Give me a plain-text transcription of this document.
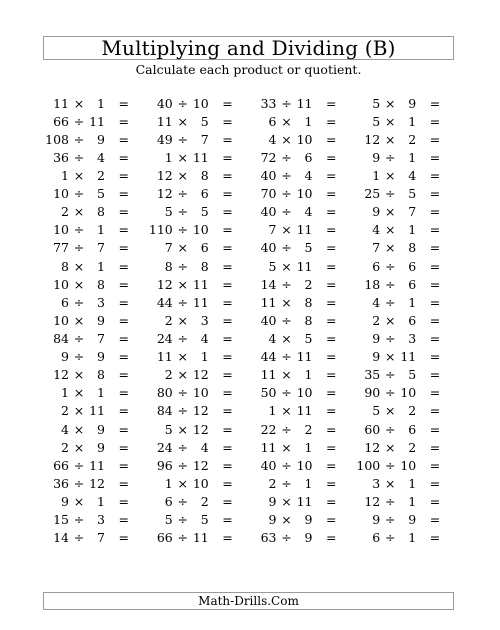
Multiplying and Dividing (B)
Calculate each product or quotient.
11 ×	1	=	40 ÷ 10	=	33 ÷ 11	=	5 ×	9	=
66 ÷ 11	=	11 ×	5	=	6 ×	1	=	5 ×	1	=
108 ÷	9	=	49 ÷	7	=	4 × 10	=	12 ×	2	=
36 ÷	4	=	1 × 11	=	72 ÷	6	=	9 ÷	1	=
1 ×	2	=	12 ×	8	=	40 ÷	4	=	1 ×	4	=
10 ÷	5	=	12 ÷	6	=	70 ÷ 10	=	25 ÷	5	=
2 ×	8	=	5 ÷	5	=	40 ÷	4	=	9 ×	7	=
10 ÷	1	= 110 ÷ 10	=	7 × 11	=	4 ×	1	=
77 ÷	7	=	7 ×	6	=	40 ÷	5	=	7 ×	8	=
8 ×	1	=	8 ÷	8	=	5 × 11	=	6 ÷	6	=
10 ×	8	=	12 × 11	=	14 ÷	2	=	18 ÷	6	=
6 ÷	3	=	44 ÷ 11	=	11 ×	8	=	4 ÷	1	=
10 ×	9	=	2 ×	3	=	40 ÷	8	=	2 ×	6	=
84 ÷	7	=	24 ÷	4	=	4 ×	5	=	9 ÷	3	=
9 ÷	9	=	11 ×	1	=	44 ÷ 11	=	9 × 11	=
12 ×	8	=	2 × 12	=	11 ×	1	=	35 ÷	5	=
1 ×	1	=	80 ÷ 10	=	50 ÷ 10	=	90 ÷ 10	=
2 × 11	=	84 ÷ 12	=	1 × 11	=	5 ×	2	=
4 ×	9	=	5 × 12	=	22 ÷	2	=	60 ÷	6	=
2 ×	9	=	24 ÷	4	=	11 ×	1	=	12 ×	2	=
66 ÷ 11	=	96 ÷ 12	=	40 ÷ 10	= 100 ÷ 10	=
36 ÷ 12	=	1 × 10	=	2 ÷	1	=	3 ×	1	=
9 ×	1	=	6 ÷	2	=	9 × 11	=	12 ÷	1	=
15 ÷	3	=	5 ÷	5	=	9 ×	9	=	9 ÷	9	=
14 ÷	7	=	66 ÷ 11	=	63 ÷	9	=	6 ÷	1	=
Math-Drills.Com
